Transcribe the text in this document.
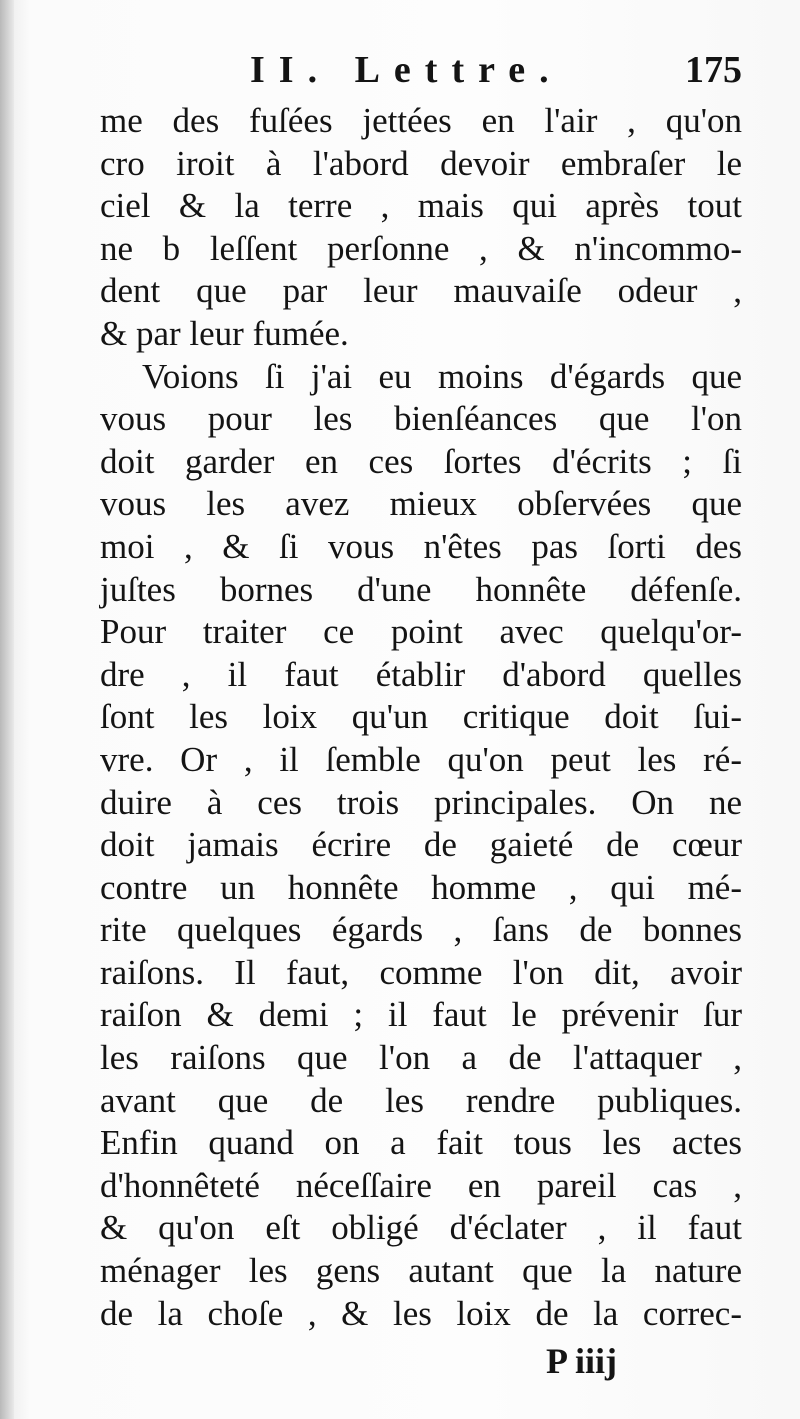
II. Lettre.	175
me des fuſées jettées en l'air , qu'on
cro iroit à l'abord devoir embraſer le
ciel & la terre , mais qui après tout
ne b leſſent perſonne , & n'incommo-
dent que par leur mauvaiſe odeur ,
& par leur fumée.
Voions ſi j'ai eu moins d'égards que
vous pour les bienſéances que l'on
doit garder en ces ſortes d'écrits ; ſi
vous les avez mieux obſervées que
moi , & ſi vous n'êtes pas ſorti des
juſtes bornes d'une honnête défenſe.
Pour traiter ce point avec quelqu'or-
dre , il faut établir d'abord quelles
ſont les loix qu'un critique doit ſui-
vre. Or , il ſemble qu'on peut les ré-
duire à ces trois principales. On ne
doit jamais écrire de gaieté de cœur
contre un honnête homme , qui mé-
rite quelques égards , ſans de bonnes
raiſons. Il faut, comme l'on dit, avoir
raiſon & demi ; il faut le prévenir ſur
les raiſons que l'on a de l'attaquer ,
avant que de les rendre publiques.
Enfin quand on a fait tous les actes
d'honnêteté néceſſaire en pareil cas ,
& qu'on eſt obligé d'éclater , il faut
ménager les gens autant que la nature
de la choſe , & les loix de la correc-
P iiij
